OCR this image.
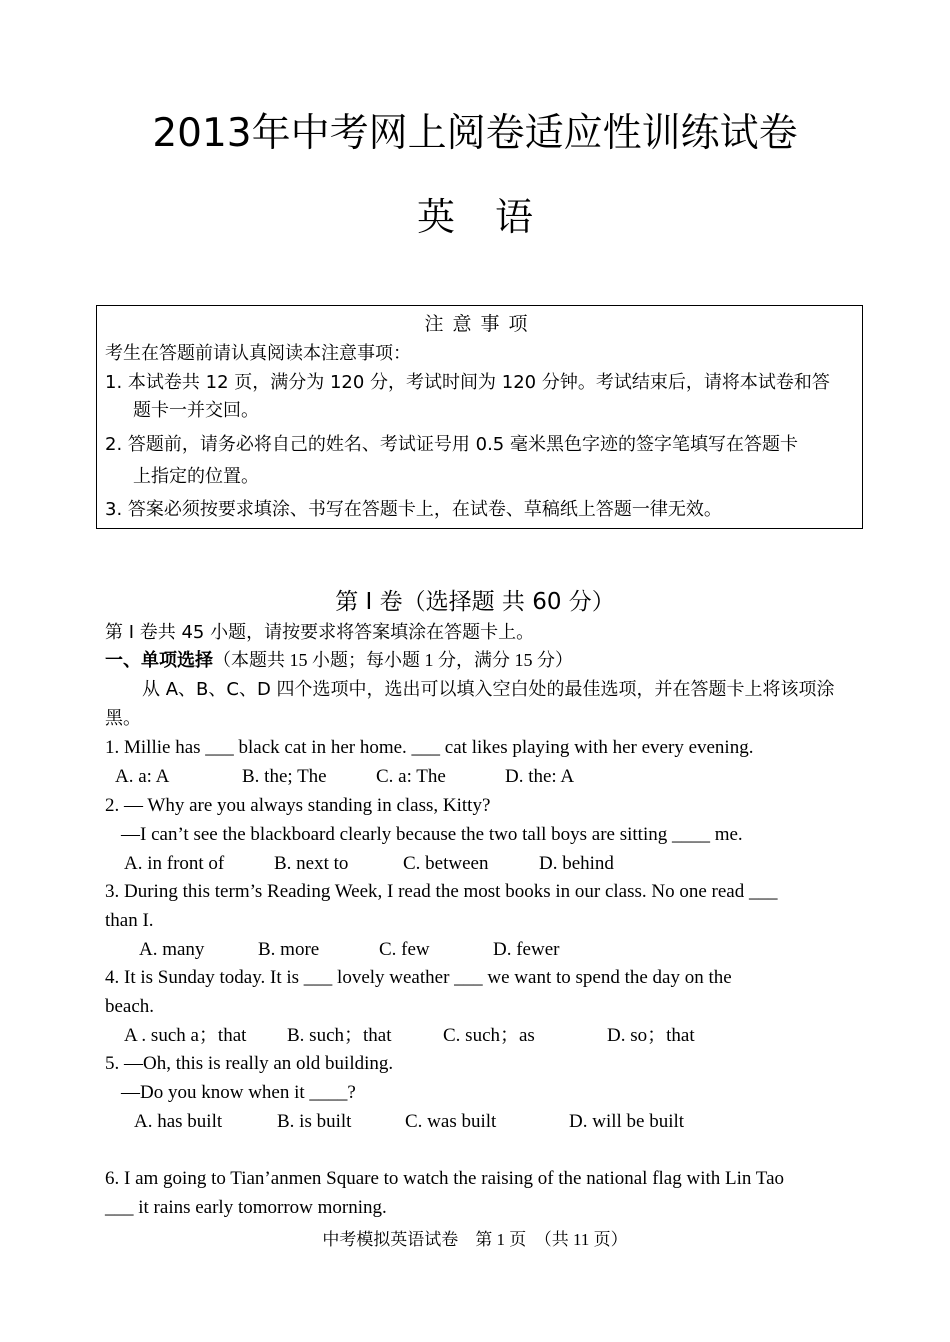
2013年中考网上阅卷适应性训练试卷
英语
注意事项
考生在答题前请认真阅读本注意事项：
1. 本试卷共 12 页，满分为 120 分，考试时间为 120 分钟。考试结束后，请将本试卷和答
题卡一并交回。
2. 答题前，请务必将自己的姓名、考试证号用 0.5 毫米黑色字迹的签字笔填写在答题卡
上指定的位置。
3. 答案必须按要求填涂、书写在答题卡上，在试卷、草稿纸上答题一律无效。
第 I 卷（选择题 共 60 分）
第 I 卷共 45 小题，请按要求将答案填涂在答题卡上。
一、单项选择（本题共 15 小题；每小题 1 分，满分 15 分）
从 A、B、C、D 四个选项中，选出可以填入空白处的最佳选项，并在答题卡上将该项涂
黑。
1. Millie has ___ black cat in her home. ___ cat likes playing with her every evening.
A. a: A	B. the; The	C. a: The	D. the: A
2. — Why are you always standing in class, Kitty?
—I can’t see the blackboard clearly because the two tall boys are sitting ____ me.
A. in front of	B. next to	C. between	D. behind
3. During this term’s Reading Week, I read the most books in our class. No one read ___
than I.
A. many	B. more	C. few	D. fewer
4. It is Sunday today. It is ___ lovely weather ___ we want to spend the day on the
beach.
A . such a；that B. such；that	C. such；as	D. so；that
5. —Oh, this is really an old building.
—Do you know when it ____?
A. has built	B. is built	C. was built	D. will be built
6. I am going to Tian’anmen Square to watch the raising of the national flag with Lin Tao
___ it rains early tomorrow morning.
中考模拟英语试卷　第 1 页　（共 11 页）
